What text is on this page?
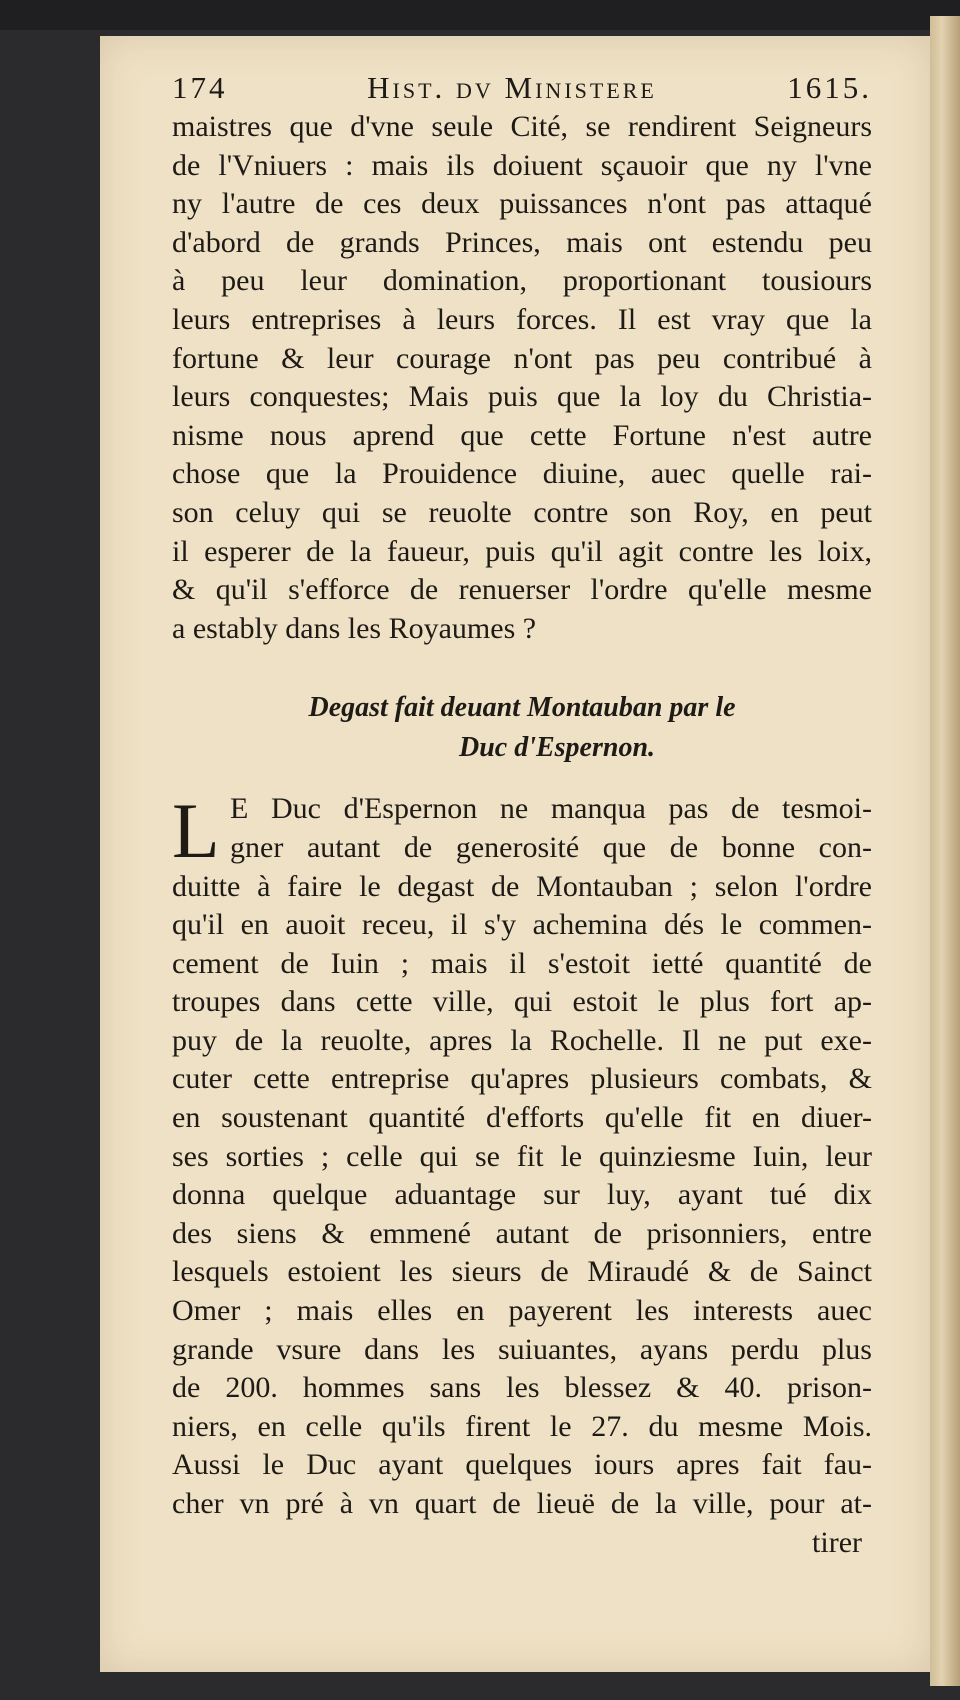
174	Hist. dv Ministere	1615.
maistres que d'vne seule Cité, se rendirent Seigneurs
de l'Vniuers : mais ils doiuent sçauoir que ny l'vne
ny l'autre de ces deux puissances n'ont pas attaqué
d'abord de grands Princes, mais ont estendu peu
à peu leur domination, proportionant tousiours
leurs entreprises à leurs forces. Il est vray que la
fortune & leur courage n'ont pas peu contribué à
leurs conquestes; Mais puis que la loy du Christia-
nisme nous aprend que cette Fortune n'est autre
chose que la Prouidence diuine, auec quelle rai-
son celuy qui se reuolte contre son Roy, en peut
il esperer de la faueur, puis qu'il agit contre les loix,
& qu'il s'efforce de renuerser l'ordre qu'elle mesme
a estably dans les Royaumes ?
Degast fait deuant Montauban par le
Duc d'Espernon.
L E Duc d'Espernon ne manqua pas de tesmoi-
gner autant de generosité que de bonne con-
duitte à faire le degast de Montauban ; selon l'ordre
qu'il en auoit receu, il s'y achemina dés le commen-
cement de Iuin ; mais il s'estoit ietté quantité de
troupes dans cette ville, qui estoit le plus fort ap-
puy de la reuolte, apres la Rochelle. Il ne put exe-
cuter cette entreprise qu'apres plusieurs combats, &
en soustenant quantité d'efforts qu'elle fit en diuer-
ses sorties ; celle qui se fit le quinziesme Iuin, leur
donna quelque aduantage sur luy, ayant tué dix
des siens & emmené autant de prisonniers, entre
lesquels estoient les sieurs de Miraudé & de Sainct
Omer ; mais elles en payerent les interests auec
grande vsure dans les suiuantes, ayans perdu plus
de 200. hommes sans les blessez & 40. prison-
niers, en celle qu'ils firent le 27. du mesme Mois.
Aussi le Duc ayant quelques iours apres fait fau-
cher vn pré à vn quart de lieuë de la ville, pour at-
tirer
